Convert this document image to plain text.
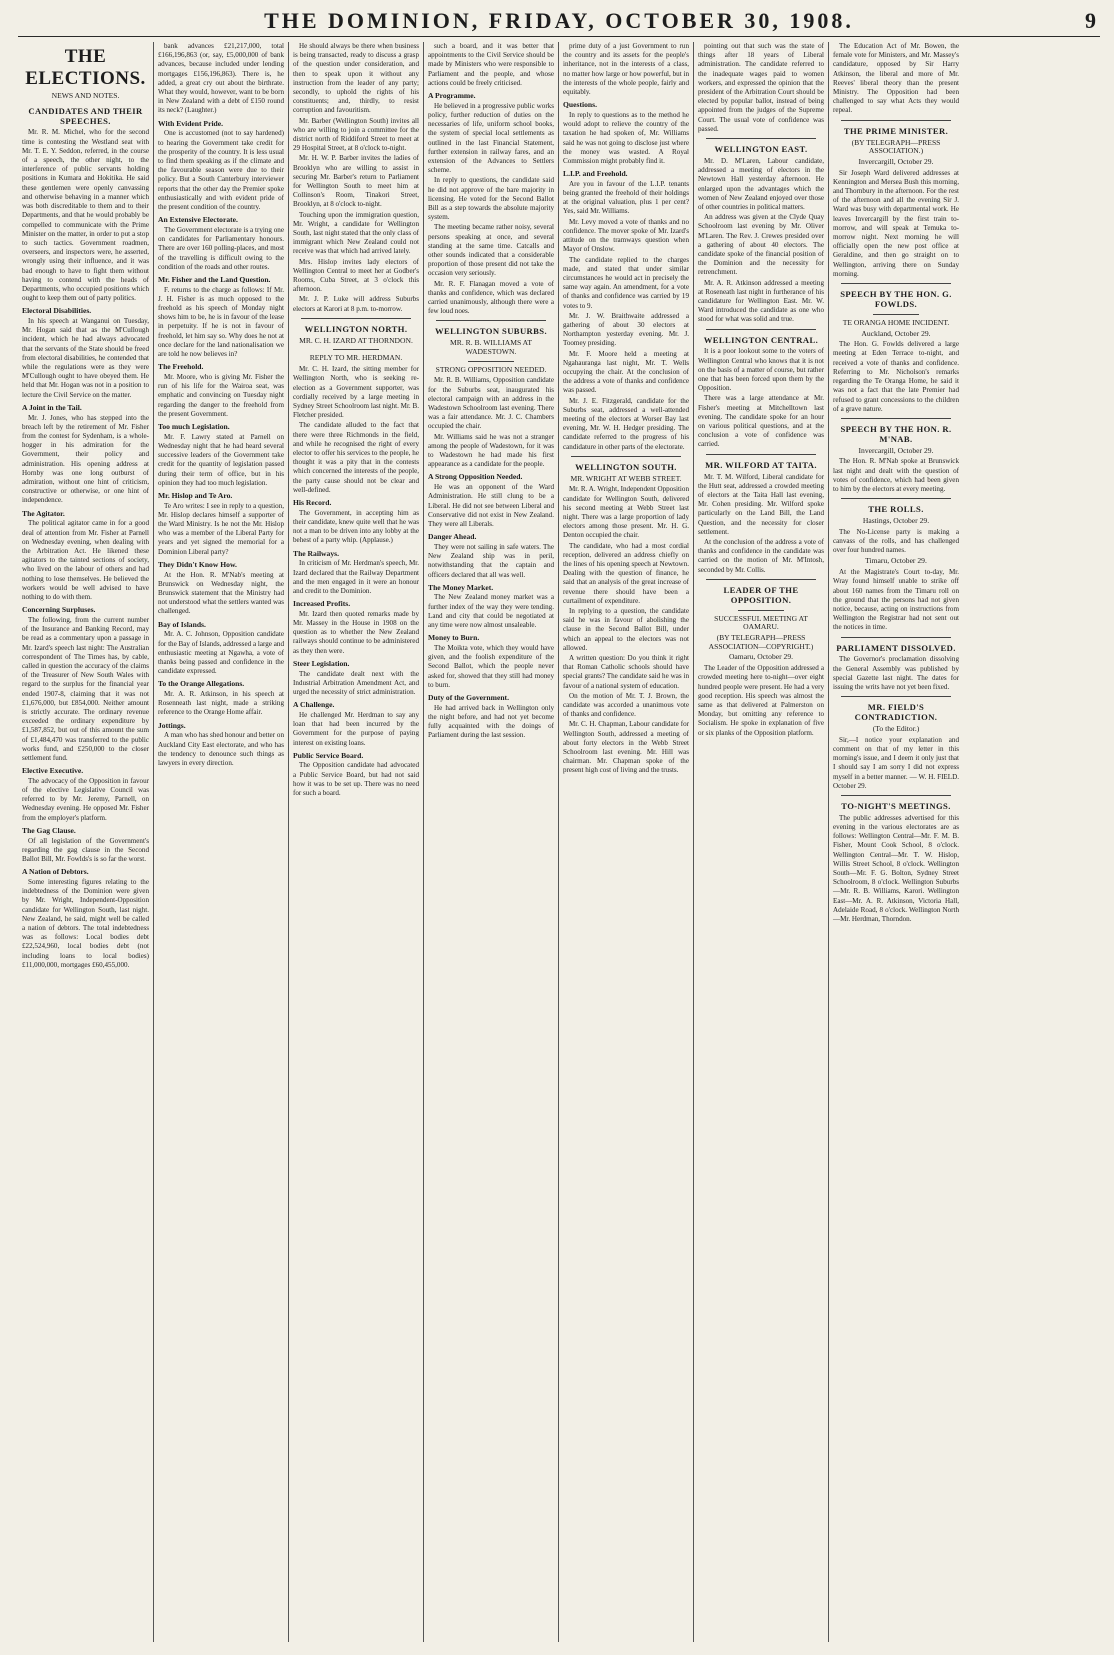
THE DOMINION, FRIDAY, OCTOBER 30, 1908.	9
THE ELECTIONS.
NEWS AND NOTES.
CANDIDATES AND THEIR SPEECHES.

Mr. R. M. Michel, who for the second time is contesting the Westland seat with Mr. T. E. Y. Seddon, referred, in the course of a speech, the other night, to the interference of public servants holding positions in Kumara and Hokitika. He said these gentlemen were openly canvassing and otherwise behaving in a manner which was both discreditable to them and to their Departments, and that he would probably be compelled to communicate with the Prime Minister on the matter, in order to put a stop to such tactics. Government roadmen, overseers, and inspectors were, he asserted, wrongly using their influence, and it was bad enough to have to fight them without having to contend with the heads of Departments, who occupied positions which ought to keep them out of party politics.

Electoral Disabilities.

In his speech at Wanganui on Tuesday, Mr. Hogan said that as the M'Cullough incident, which he had always advocated that the servants of the State should be freed from electoral disabilities, he contended that while the regulations were as they were M'Cullough ought to have obeyed them. He held that Mr. Hogan was not in a position to lecture the Civil Service on the matter.

A Joint in the Tail.

Mr. J. Jones, who has stepped into the breach left by the retirement of Mr. Fisher from the contest for Sydenham, is a whole-hogger in his admiration for the Government, their policy and administration. His opening address at Hornby was one long outburst of admiration, without one hint of criticism, constructive or otherwise, or one hint of independence.

The Agitator.

The political agitator came in for a good deal of attention from Mr. Fisher at Parnell on Wednesday evening, when dealing with the Arbitration Act. He likened these agitators to the tainted sections of society, who lived on the labour of others and had nothing to lose themselves. He believed the workers would be well advised to have nothing to do with them.

Concerning Surpluses.

The following, from the current number of the Insurance and Banking Record, may be read as a commentary upon a passage in Mr. Izard's speech last night: The Australian correspondent of The Times has, by cable, called in question the accuracy of the claims of the Treasurer of New South Wales with regard to the surplus for the financial year ended 1907-8, claiming that it was not £1,676,000, but £854,000. Neither amount is strictly accurate. The ordinary revenue exceeded the ordinary expenditure by £1,587,852, but out of this amount the sum of £1,484,470 was transferred to the public works fund, and £250,000 to the closer settlement fund.

Elective Executive.

The advocacy of the Opposition in favour of the elective Legislative Council was referred to by Mr. Jeremy, Parnell, on Wednesday evening. He opposed Mr. Fisher from the employer's platform.

The Gag Clause.

Of all legislation of the Government's regarding the gag clause in the Second Ballot Bill, Mr. Fowlds's is so far the worst.

A Nation of Debtors.

Some interesting figures relating to the indebtedness of the Dominion were given by Mr. Wright, Independent-Opposition candidate for Wellington South, last night. New Zealand, he said, might well be called a nation of debtors. The total indebtedness was as follows: Local bodies debt £22,524,960, local bodies debt (not including loans to local bodies) £11,000,000, mortgages £60,455,000.

bank advances £21,217,000, total £166,196,863 (or, say, £5,000,000 of bank advances, because included under lending mortgages £156,196,863). There is, he added, a great cry out about the birthrate. What they would, however, want to be born in New Zealand with a debt of £150 round its neck? (Laughter.)

With Evident Pride.

One is accustomed (not to say hardened) to hearing the Government take credit for the prosperity of the country. It is less usual to find them speaking as if the climate and the favourable season were due to their policy. But a South Canterbury interviewer reports that the other day the Premier spoke enthusiastically and with evident pride of the present condition of the country.

An Extensive Electorate.

The Government electorate is a trying one on candidates for Parliamentary honours. There are over 160 polling-places, and most of the travelling is difficult owing to the condition of the roads and other routes.

Mr. Fisher and the Land Question.

F. returns to the charge as follows: If Mr. J. H. Fisher is as much opposed to the freehold as his speech of Monday night shows him to be, he is in favour of the lease in perpetuity. If he is not in favour of freehold, let him say so. Why does he not at once declare for the land nationalisation we are told he now believes in?

The Freehold.

Mr. Moore, who is giving Mr. Fisher the run of his life for the Wairoa seat, was emphatic and convincing on Tuesday night regarding the danger to the freehold from the present Government.

Too much Legislation.

Mr. F. Lawry stated at Parnell on Wednesday night that he had heard several successive leaders of the Government take credit for the quantity of legislation passed during their term of office, but in his opinion they had too much legislation.

Mr. Hislop and Te Aro.

Te Aro writes: I see in reply to a question, Mr. Hislop declares himself a supporter of the Ward Ministry. Is he not the Mr. Hislop who was a member of the Liberal Party for years and yet signed the memorial for a Dominion Liberal party?

They Didn't Know How.

At the Hon. R. M'Nab's meeting at Brunswick on Wednesday night, the Brunswick statement that the Ministry had not understood what the settlers wanted was challenged.

Bay of Islands.

Mr. A. C. Johnson, Opposition candidate for the Bay of Islands, addressed a large and enthusiastic meeting at Ngawha, a vote of thanks being passed and confidence in the candidate expressed.

To the Orange Allegations.

Mr. A. R. Atkinson, in his speech at Rosenneath last night, made a striking reference to the Orange Home affair.

Jottings.

A man who has shed honour and better on Auckland City East electorate, and who has the tendency to denounce such things as lawyers in every direction.

He should always be there when business is being transacted, ready to discuss a grasp of the question under consideration, and then to speak upon it without any instruction from the leader of any party; secondly, to uphold the rights of his constituents; and, thirdly, to resist corruption and favouritism.

Mr. Barber (Wellington South) invites all who are willing to join a committee for the district north of Riddiford Street to meet at 29 Hospital Street, at 8 o'clock to-night.

Mr. H. W. P. Barber invites the ladies of Brooklyn who are willing to assist in securing Mr. Barber's return to Parliament for Wellington South to meet him at Collinson's Room, Tinakori Street, Brooklyn, at 8 o'clock to-night.

Touching upon the immigration question, Mr. Wright, a candidate for Wellington South, last night stated that the only class of immigrant which New Zealand could not receive was that which had arrived lately.

Mrs. Hislop invites lady electors of Wellington Central to meet her at Godber's Rooms, Cuba Street, at 3 o'clock this afternoon.

Mr. J. P. Luke will address Suburbs electors at Karori at 8 p.m. to-morrow.

WELLINGTON NORTH.
MR. C. H. IZARD AT THORNDON.
REPLY TO MR. HERDMAN.

Mr. C. H. Izard, the sitting member for Wellington North, who is seeking re-election as a Government supporter, was cordially received by a large meeting in Sydney Street Schoolroom last night. Mr. B. Fletcher presided.

The candidate alluded to the fact that there were three Richmonds in the field, and while he recognised the right of every elector to offer his services to the people, he thought it was a pity that in the contests which concerned the interests of the people, the party cause should not be clear and well-defined.

His Record.

The Government, in accepting him as their candidate, knew quite well that he was not a man to be driven into any lobby at the behest of a party whip. (Applause.)

The Railways.

In criticism of Mr. Herdman's speech, Mr. Izard declared that the Railway Department and the men engaged in it were an honour and credit to the Dominion.

Increased Profits.

Mr. Izard then quoted remarks made by Mr. Massey in the House in 1908 on the question as to whether the New Zealand railways should continue to be administered as they then were.

Steer Legislation.

The candidate dealt next with the Industrial Arbitration Amendment Act, and urged the necessity of strict administration.

A Challenge.

He challenged Mr. Herdman to say any loan that had been incurred by the Government for the purpose of paying interest on existing loans.

Public Service Board.

The Opposition candidate had advocated a Public Service Board, but had not said how it was to be set up. There was no need for such a board.

such a board, and it was better that appointments to the Civil Service should be made by Ministers who were responsible to Parliament and the people, and whose actions could be freely criticised.

A Programme.

He believed in a progressive public works policy, further reduction of duties on the necessaries of life, uniform school books, the system of special local settlements as outlined in the last Financial Statement, further extension in railway fares, and an extension of the Advances to Settlers scheme.

In reply to questions, the candidate said he did not approve of the bare majority in licensing. He voted for the Second Ballot Bill as a step towards the absolute majority system.

The meeting became rather noisy, several persons speaking at once, and several standing at the same time. Catcalls and other sounds indicated that a considerable proportion of those present did not take the occasion very seriously.

Mr. R. F. Flanagan moved a vote of thanks and confidence, which was declared carried unanimously, although there were a few loud noes.

WELLINGTON SUBURBS.
MR. R. B. WILLIAMS AT WADESTOWN.
STRONG OPPOSITION NEEDED.

Mr. R. B. Williams, Opposition candidate for the Suburbs seat, inaugurated his electoral campaign with an address in the Wadestown Schoolroom last evening. There was a fair attendance. Mr. J. C. Chambers occupied the chair.

Mr. Williams said he was not a stranger among the people of Wadestown, for it was to Wadestown he had made his first appearance as a candidate for the people.

A Strong Opposition Needed.

He was an opponent of the Ward Administration. He still clung to be a Liberal. He did not see between Liberal and Conservative did not exist in New Zealand. They were all Liberals.

Danger Ahead.

They were not sailing in safe waters. The New Zealand ship was in peril, notwithstanding that the captain and officers declared that all was well.

The Money Market.

The New Zealand money market was a further index of the way they were tending. Land and city that could be negotiated at any time were now almost unsaleable.

Money to Burn.

The Moikta vote, which they would have given, and the foolish expenditure of the Second Ballot, which the people never asked for, showed that they still had money to burn.

Duty of the Government.

He had arrived back in Wellington only the night before, and had not yet become fully acquainted with the doings of Parliament during the last session.

prime duty of a just Government to run the country and its assets for the people's inheritance, not in the interests of a class, no matter how large or how powerful, but in the interests of the whole people, fairly and equitably.

Questions.

In reply to questions as to the method he would adopt to relieve the country of the taxation he had spoken of, Mr. Williams said he was not going to disclose just where the money was wasted. A Royal Commission might probably find it.

L.I.P. and Freehold.

Are you in favour of the L.I.P. tenants being granted the freehold of their holdings at the original valuation, plus 1 per cent? Yes, said Mr. Williams.

Mr. Levy moved a vote of thanks and no confidence. The mover spoke of Mr. Izard's attitude on the tramways question when Mayor of Onslow.

The candidate replied to the charges made, and stated that under similar circumstances he would act in precisely the same way again. An amendment, for a vote of thanks and confidence was carried by 19 votes to 9.

Mr. J. W. Braithwaite addressed a gathering of about 30 electors at Northampton yesterday evening. Mr. J. Toomey presiding.

Mr. F. Moore held a meeting at Ngahauranga last night, Mr. T. Wells occupying the chair. At the conclusion of the address a vote of thanks and confidence was passed.

Mr. J. E. Fitzgerald, candidate for the Suburbs seat, addressed a well-attended meeting of the electors at Worser Bay last evening, Mr. W. H. Hedger presiding. The candidate referred to the progress of his candidature in other parts of the electorate.

WELLINGTON SOUTH.
MR. WRIGHT AT WEBB STREET.

Mr. R. A. Wright, Independent Opposition candidate for Wellington South, delivered his second meeting at Webb Street last night. There was a large proportion of lady electors among those present. Mr. H. G. Denton occupied the chair.

The candidate, who had a most cordial reception, delivered an address chiefly on the lines of his opening speech at Newtown. Dealing with the question of finance, he said that an analysis of the great increase of revenue there should have been a curtailment of expenditure.

In replying to a question, the candidate said he was in favour of abolishing the clause in the Second Ballot Bill, under which an appeal to the electors was not allowed.

A written question: Do you think it right that Roman Catholic schools should have special grants? The candidate said he was in favour of a national system of education.

On the motion of Mr. T. J. Brown, the candidate was accorded a unanimous vote of thanks and confidence.

Mr. C. H. Chapman, Labour candidate for Wellington South, addressed a meeting of about forty electors in the Webb Street Schoolroom last evening. Mr. Hill was chairman. Mr. Chapman spoke of the present high cost of living and the trusts.

pointing out that such was the state of things after 18 years of Liberal administration. The candidate referred to the inadequate wages paid to women workers, and expressed the opinion that the president of the Arbitration Court should be elected by popular ballot, instead of being appointed from the judges of the Supreme Court. The usual vote of confidence was passed.

WELLINGTON EAST.

Mr. D. M'Laren, Labour candidate, addressed a meeting of electors in the Newtown Hall yesterday afternoon. He enlarged upon the advantages which the women of New Zealand enjoyed over those of other countries in political matters.

An address was given at the Clyde Quay Schoolroom last evening by Mr. Oliver M'Laren. The Rev. J. Crewes presided over a gathering of about 40 electors. The candidate spoke of the financial position of the Dominion and the necessity for retrenchment.

Mr. A. R. Atkinson addressed a meeting at Roseneath last night in furtherance of his candidature for Wellington East. Mr. W. Ward introduced the candidate as one who stood for what was solid and true.

WELLINGTON CENTRAL.

It is a poor lookout some to the voters of Wellington Central who knows that it is not on the basis of a matter of course, but rather one that has been forced upon them by the Opposition.

There was a large attendance at Mr. Fisher's meeting at Mitchelltown last evening. The candidate spoke for an hour on various political questions, and at the conclusion a vote of confidence was carried.

MR. WILFORD AT TAITA.

Mr. T. M. Wilford, Liberal candidate for the Hutt seat, addressed a crowded meeting of electors at the Taita Hall last evening, Mr. Cohen presiding. Mr. Wilford spoke particularly on the Land Bill, the Land Question, and the necessity for closer settlement.

At the conclusion of the address a vote of thanks and confidence in the candidate was carried on the motion of Mr. M'Intosh, seconded by Mr. Collis.

LEADER OF THE OPPOSITION.
SUCCESSFUL MEETING AT OAMARU.
(BY TELEGRAPH—PRESS ASSOCIATION—COPYRIGHT.)
Oamaru, October 29.

The Leader of the Opposition addressed a crowded meeting here to-night—over eight hundred people were present. He had a very good reception. His speech was almost the same as that delivered at Palmerston on Monday, but omitting any reference to Socialism. He spoke in explanation of five or six planks of the Opposition platform.

The Education Act of Mr. Bowen, the female vote for Ministers, and Mr. Massey's candidature, opposed by Sir Harry Atkinson, the liberal and more of Mr. Reeves' liberal theory than the present Ministry. The Opposition had been challenged to say what Acts they would repeal.

THE PRIME MINISTER.
(BY TELEGRAPH—PRESS ASSOCIATION.)
Invercargill, October 29.

Sir Joseph Ward delivered addresses at Kennington and Mersea Bush this morning, and Thornbury in the afternoon. For the rest of the afternoon and all the evening Sir J. Ward was busy with departmental work. He leaves Invercargill by the first train to-morrow, and will speak at Temuka to-morrow night. Next morning he will officially open the new post office at Geraldine, and then go straight on to Wellington, arriving there on Sunday morning.

SPEECH BY THE HON. G. FOWLDS.
TE ORANGA HOME INCIDENT.
Auckland, October 29.

The Hon. G. Fowlds delivered a large meeting at Eden Terrace to-night, and received a vote of thanks and confidence. Referring to Mr. Nicholson's remarks regarding the Te Oranga Home, he said it was not a fact that the late Premier had refused to grant concessions to the children of a grave nature.

SPEECH BY THE HON. R. M'NAB.
Invercargill, October 29.

The Hon. R. M'Nab spoke at Brunswick last night and dealt with the question of votes of confidence, which had been given to him by the electors at every meeting.

THE ROLLS.
Hastings, October 29.

The No-License party is making a canvass of the rolls, and has challenged over four hundred names.

Timaru, October 29.

At the Magistrate's Court to-day, Mr. Wray found himself unable to strike off about 160 names from the Timaru roll on the ground that the persons had not given notice, because, acting on instructions from Wellington the Registrar had not sent out the notices in time.

PARLIAMENT DISSOLVED.

The Governor's proclamation dissolving the General Assembly was published by special Gazette last night. The dates for issuing the writs have not yet been fixed.

MR. FIELD'S CONTRADICTION.
(To the Editor.)

Sir,—I notice your explanation and comment on that of my letter in this morning's issue, and I deem it only just that I should say I am sorry I did not express myself in a better manner. — W. H. FIELD. October 29.

TO-NIGHT'S MEETINGS.

The public addresses advertised for this evening in the various electorates are as follows: Wellington Central—Mr. F. M. B. Fisher, Mount Cook School, 8 o'clock. Wellington Central—Mr. T. W. Hislop, Willis Street School, 8 o'clock. Wellington South—Mr. F. G. Bolton, Sydney Street Schoolroom, 8 o'clock. Wellington Suburbs—Mr. R. B. Williams, Karori. Wellington East—Mr. A. R. Atkinson, Victoria Hall, Adelaide Road, 8 o'clock. Wellington North—Mr. Herdman, Thorndon.
